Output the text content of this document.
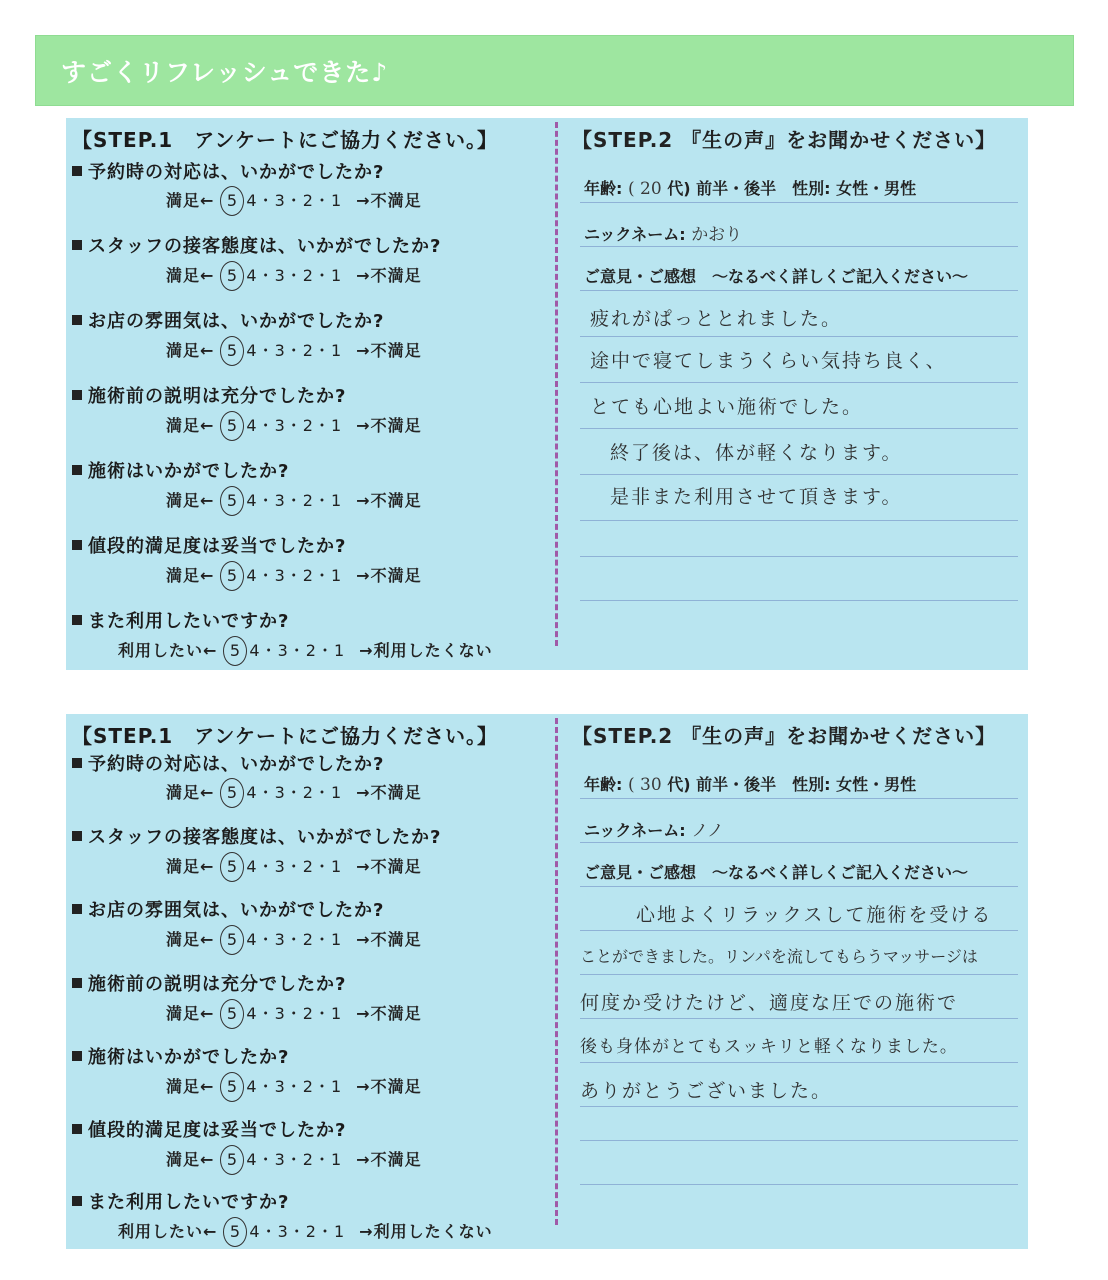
すごくリフレッシュできた♪
【STEP.1　アンケートにご協力ください。】
予約時の対応は、いかがでしたか?
満足← 5 4・3・2・1 →不満足
スタッフの接客態度は、いかがでしたか?
満足← 5 4・3・2・1 →不満足
お店の雰囲気は、いかがでしたか?
満足← 5 4・3・2・1 →不満足
施術前の説明は充分でしたか?
満足← 5 4・3・2・1 →不満足
施術はいかがでしたか?
満足← 5 4・3・2・1 →不満足
値段的満足度は妥当でしたか?
満足← 5 4・3・2・1 →不満足
また利用したいですか?
利用したい← 5 4・3・2・1 →利用したくない
【STEP.2 『生の声』をお聞かせください】
年齢: ( 20 代) 前半・後半　 性別: 女性・男性
ニックネーム: かおり
ご意見・ご感想　～なるべく詳しくご記入ください～
疲れがぱっととれました。
途中で寝てしまうくらい気持ち良く、
とても心地よい施術でした。
終了後は、体が軽くなります。
是非また利用させて頂きます。
【STEP.1　アンケートにご協力ください。】
予約時の対応は、いかがでしたか?
満足← 5 4・3・2・1 →不満足
スタッフの接客態度は、いかがでしたか?
満足← 5 4・3・2・1 →不満足
お店の雰囲気は、いかがでしたか?
満足← 5 4・3・2・1 →不満足
施術前の説明は充分でしたか?
満足← 5 4・3・2・1 →不満足
施術はいかがでしたか?
満足← 5 4・3・2・1 →不満足
値段的満足度は妥当でしたか?
満足← 5 4・3・2・1 →不満足
また利用したいですか?
利用したい← 5 4・3・2・1 →利用したくない
【STEP.2 『生の声』をお聞かせください】
年齢: ( 30 代) 前半・後半　 性別: 女性・男性
ニックネーム: ノノ
ご意見・ご感想　～なるべく詳しくご記入ください～
心地よくリラックスして施術を受ける
ことができました。リンパを流してもらうマッサージは
何度か受けたけど、適度な圧での施術で
後も身体がとてもスッキリと軽くなりました。
ありがとうございました。
